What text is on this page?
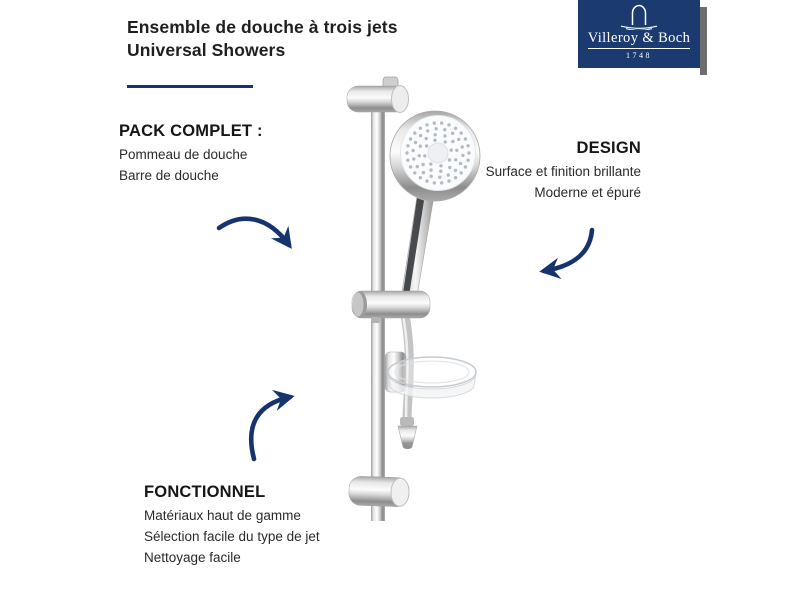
Ensemble de douche à trois jets
Universal Showers
Villeroy & Boch
1748
PACK COMPLET :
Pommeau de douche
Barre de douche
DESIGN
Surface et finition brillante
Moderne et épuré
FONCTIONNEL
Matériaux haut de gamme
Sélection facile du type de jet
Nettoyage facile
